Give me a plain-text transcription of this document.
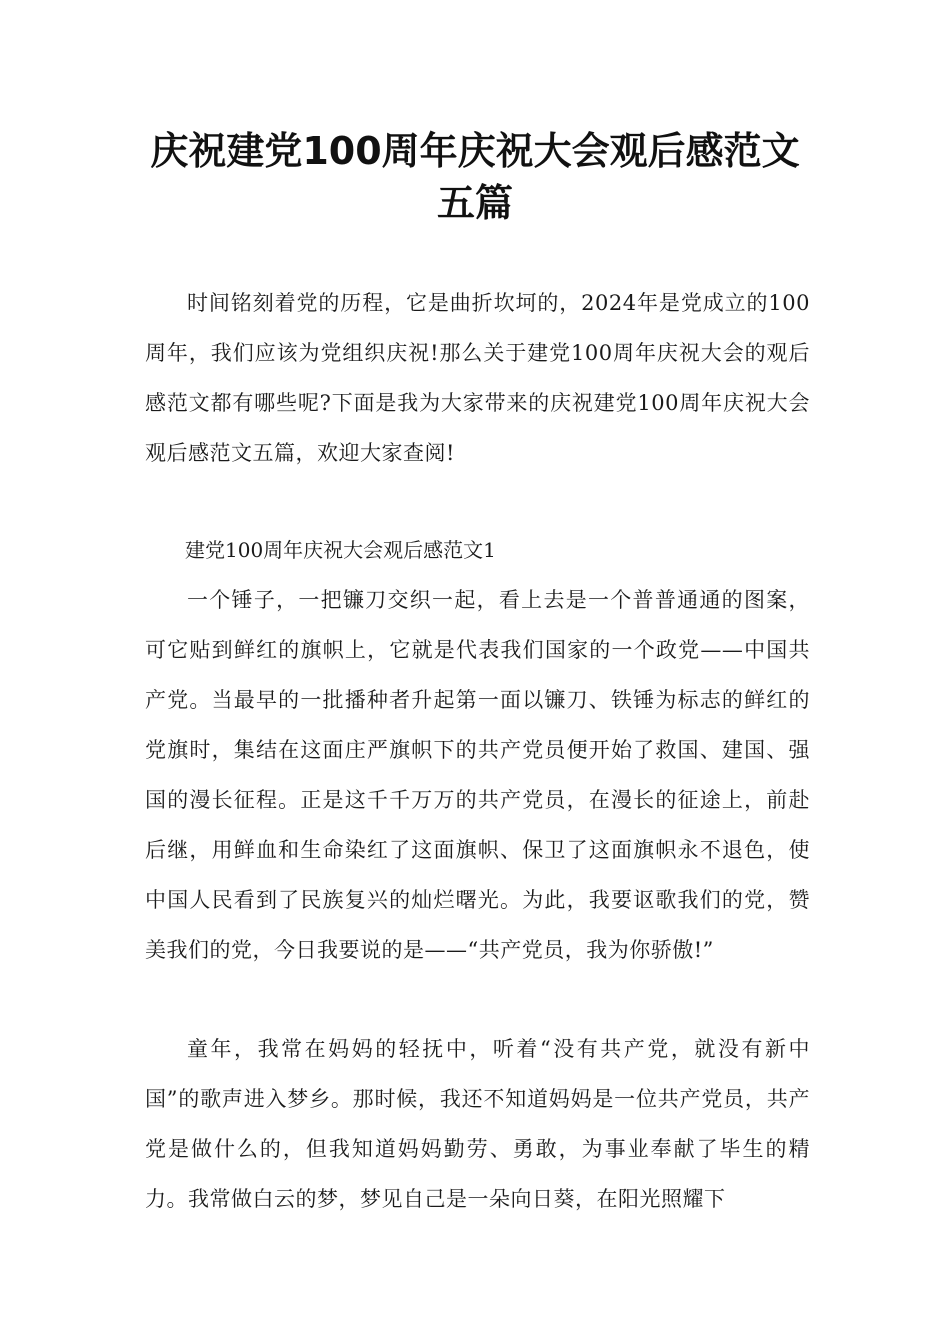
庆祝建党100周年庆祝大会观后感范文
五篇

时间铭刻着党的历程，它是曲折坎坷的，2024年是党成立的100周年，我们应该为党组织庆祝!那么关于建党100周年庆祝大会的观后感范文都有哪些呢?下面是我为大家带来的庆祝建党100周年庆祝大会观后感范文五篇，欢迎大家查阅!

建党100周年庆祝大会观后感范文1

一个锤子，一把镰刀交织一起，看上去是一个普普通通的图案，可它贴到鲜红的旗帜上，它就是代表我们国家的一个政党——中国共产党。当最早的一批播种者升起第一面以镰刀、铁锤为标志的鲜红的党旗时，集结在这面庄严旗帜下的共产党员便开始了救国、建国、强国的漫长征程。正是这千千万万的共产党员，在漫长的征途上，前赴后继，用鲜血和生命染红了这面旗帜、保卫了这面旗帜永不退色，使中国人民看到了民族复兴的灿烂曙光。为此，我要讴歌我们的党，赞美我们的党，今日我要说的是——“共产党员，我为你骄傲!”

童年，我常在妈妈的轻抚中，听着“没有共产党，就没有新中国”的歌声进入梦乡。那时候，我还不知道妈妈是一位共产党员，共产党是做什么的，但我知道妈妈勤劳、勇敢，为事业奉献了毕生的精力。我常做白云的梦，梦见自己是一朵向日葵，在阳光照耀下
